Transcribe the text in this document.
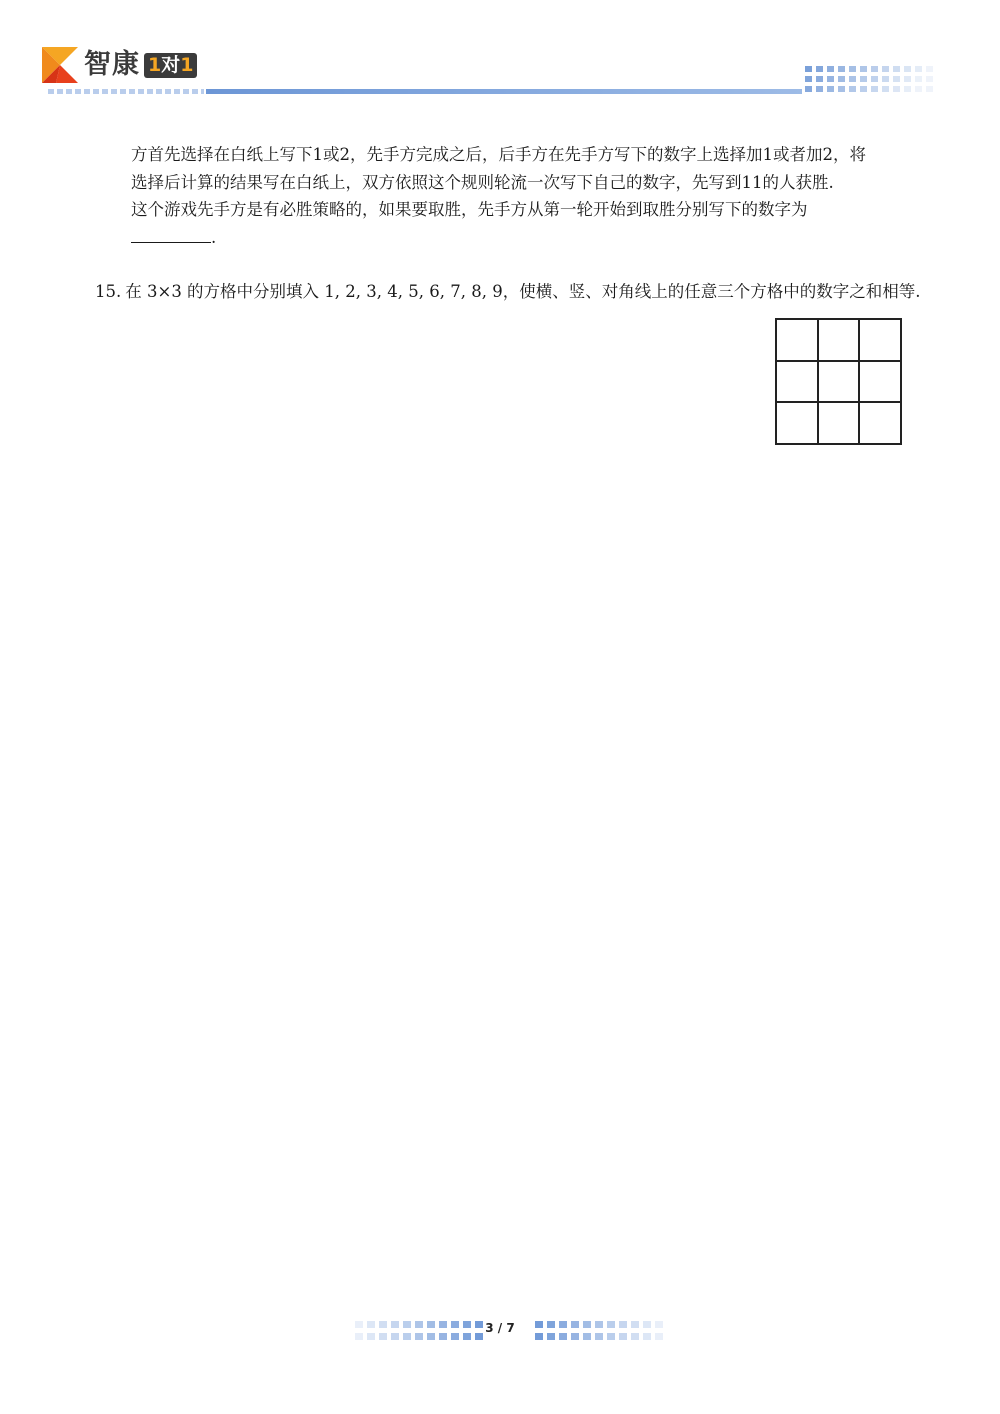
智康 1 对 1
方首先选择在白纸上写下1或2，先手方完成之后，后手方在先手方写下的数字上选择加1或者加2，将
选择后计算的结果写在白纸上，双方依照这个规则轮流一次写下自己的数字，先写到11的人获胜.
这个游戏先手方是有必胜策略的，如果要取胜，先手方从第一轮开始到取胜分别写下的数字为
.
15. 在 3×3 的方格中分别填入 1, 2, 3, 4, 5, 6, 7, 8, 9，使横、竖、对角线上的任意三个方格中的数字之和相等.
3 / 7
